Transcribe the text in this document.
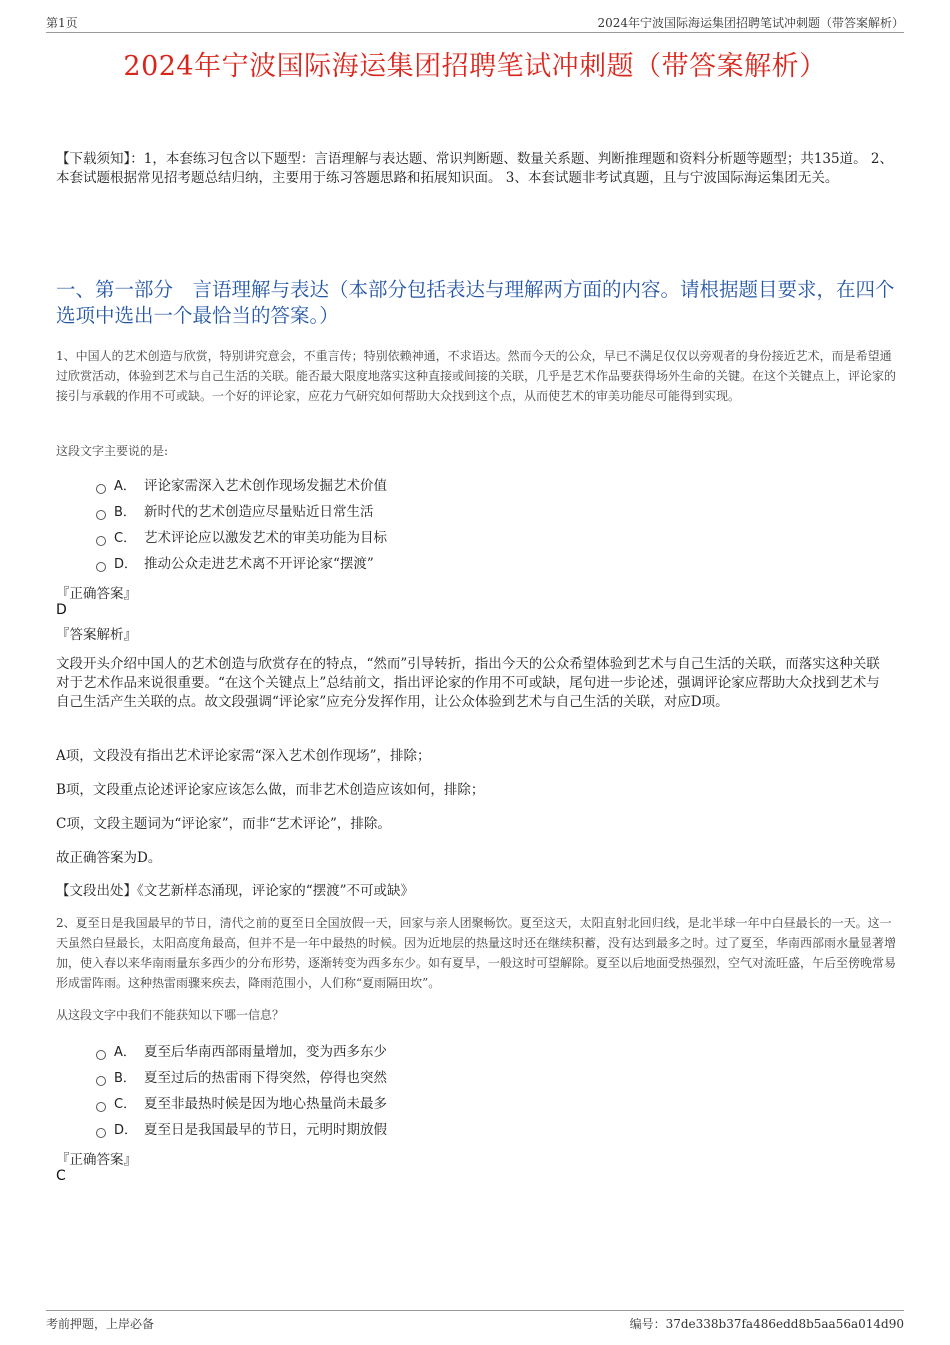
第1页	2024年宁波国际海运集团招聘笔试冲刺题（带答案解析）
2024年宁波国际海运集团招聘笔试冲刺题（带答案解析）
【下载须知】：1，本套练习包含以下题型：言语理解与表达题、常识判断题、数量关系题、判断推理题和资料分析题等题型；共135道。 2、本套试题根据常见招考题总结归纳，主要用于练习答题思路和拓展知识面。 3、本套试题非考试真题，且与宁波国际海运集团无关。
一、第一部分　言语理解与表达（本部分包括表达与理解两方面的内容。请根据题目要求，在四个选项中选出一个最恰当的答案。）
1、中国人的艺术创造与欣赏，特别讲究意会，不重言传；特别依赖神通，不求语达。然而今天的公众，早已不满足仅仅以旁观者的身份接近艺术，而是希望通过欣赏活动，体验到艺术与自己生活的关联。能否最大限度地落实这种直接或间接的关联，几乎是艺术作品要获得场外生命的关键。在这个关键点上，评论家的接引与承载的作用不可或缺。一个好的评论家，应花力气研究如何帮助大众找到这个点，从而使艺术的审美功能尽可能得到实现。
这段文字主要说的是:
A． 评论家需深入艺术创作现场发掘艺术价值
B． 新时代的艺术创造应尽量贴近日常生活
C． 艺术评论应以激发艺术的审美功能为目标
D． 推动公众走进艺术离不开评论家“摆渡”
『正确答案』
D
『答案解析』
文段开头介绍中国人的艺术创造与欣赏存在的特点，“然而”引导转折，指出今天的公众希望体验到艺术与自己生活的关联，而落实这种关联对于艺术作品来说很重要。“在这个关键点上”总结前文，指出评论家的作用不可或缺，尾句进一步论述，强调评论家应帮助大众找到艺术与自己生活产生关联的点。故文段强调“评论家”应充分发挥作用，让公众体验到艺术与自己生活的关联，对应D项。
A项，文段没有指出艺术评论家需“深入艺术创作现场”，排除；
B项，文段重点论述评论家应该怎么做，而非艺术创造应该如何，排除；
C项，文段主题词为“评论家”，而非“艺术评论”，排除。
故正确答案为D。
【文段出处】《文艺新样态涌现，评论家的“摆渡”不可或缺》
2、夏至日是我国最早的节日，清代之前的夏至日全国放假一天，回家与亲人团聚畅饮。夏至这天，太阳直射北回归线，是北半球一年中白昼最长的一天。这一天虽然白昼最长，太阳高度角最高，但并不是一年中最热的时候。因为近地层的热量这时还在继续积蓄，没有达到最多之时。过了夏至，华南西部雨水量显著增加，使入春以来华南雨量东多西少的分布形势，逐渐转变为西多东少。如有夏旱，一般这时可望解除。夏至以后地面受热强烈，空气对流旺盛，午后至傍晚常易形成雷阵雨。这种热雷雨骤来疾去，降雨范围小，人们称“夏雨隔田坎”。
从这段文字中我们不能获知以下哪一信息？
A． 夏至后华南西部雨量增加，变为西多东少
B． 夏至过后的热雷雨下得突然，停得也突然
C． 夏至非最热时候是因为地心热量尚未最多
D． 夏至日是我国最早的节日，元明时期放假
『正确答案』
C
考前押题，上岸必备	编号：37de338b37fa486edd8b5aa56a014d90
